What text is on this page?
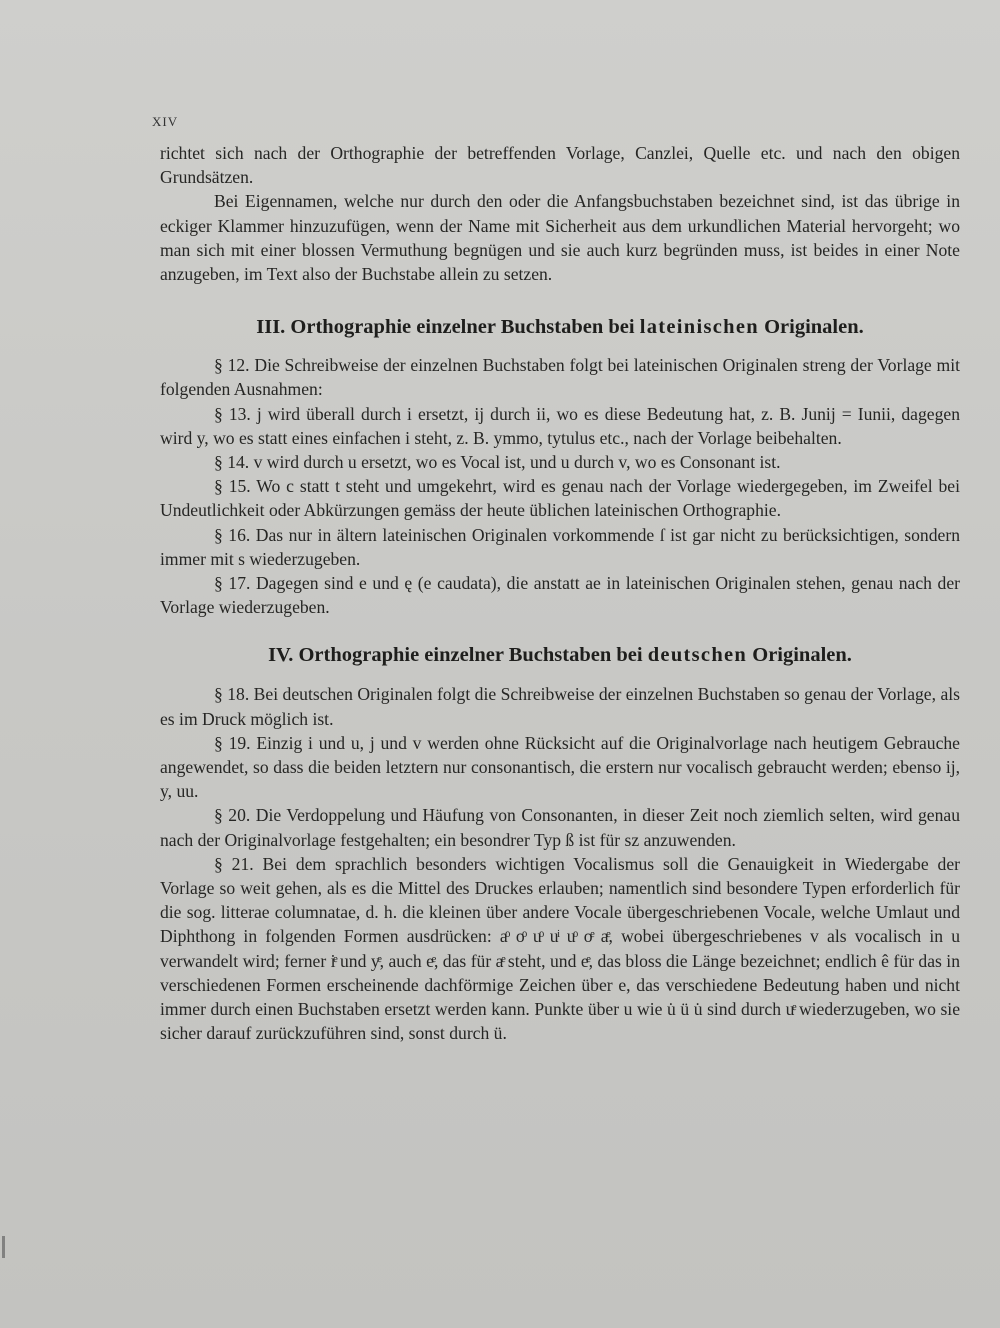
XIV

richtet sich nach der Orthographie der betreffenden Vorlage, Canzlei, Quelle etc. und nach den obigen Grundsätzen.

Bei Eigennamen, welche nur durch den oder die Anfangsbuchstaben bezeichnet sind, ist das übrige in eckiger Klammer hinzuzufügen, wenn der Name mit Sicherheit aus dem urkundlichen Material hervorgeht; wo man sich mit einer blossen Vermuthung begnügen und sie auch kurz begründen muss, ist beides in einer Note anzugeben, im Text also der Buchstabe allein zu setzen.

III. Orthographie einzelner Buchstaben bei lateinischen Originalen.

§ 12. Die Schreibweise der einzelnen Buchstaben folgt bei lateinischen Originalen streng der Vorlage mit folgenden Ausnahmen:

§ 13. j wird überall durch i ersetzt, ij durch ii, wo es diese Bedeutung hat, z. B. Junij = Iunii, dagegen wird y, wo es statt eines einfachen i steht, z. B. ymmo, tytulus etc., nach der Vorlage beibehalten.

§ 14. v wird durch u ersetzt, wo es Vocal ist, und u durch v, wo es Consonant ist.

§ 15. Wo c statt t steht und umgekehrt, wird es genau nach der Vorlage wiedergegeben, im Zweifel bei Undeutlichkeit oder Abkürzungen gemäss der heute üblichen lateinischen Orthographie.

§ 16. Das nur in ältern lateinischen Originalen vorkommende ſ ist gar nicht zu berücksichtigen, sondern immer mit s wiederzugeben.

§ 17. Dagegen sind e und ę (e caudata), die anstatt ae in lateinischen Originalen stehen, genau nach der Vorlage wiederzugeben.

IV. Orthographie einzelner Buchstaben bei deutschen Originalen.

§ 18. Bei deutschen Originalen folgt die Schreibweise der einzelnen Buchstaben so genau der Vorlage, als es im Druck möglich ist.

§ 19. Einzig i und u, j und v werden ohne Rücksicht auf die Originalvorlage nach heutigem Gebrauche angewendet, so dass die beiden letztern nur consonantisch, die erstern nur vocalisch gebraucht werden; ebenso ij, y, uu.

§ 20. Die Verdoppelung und Häufung von Consonanten, in dieser Zeit noch ziemlich selten, wird genau nach der Originalvorlage festgehalten; ein besondrer Typ ß ist für sz anzuwenden.

§ 21. Bei dem sprachlich besonders wichtigen Vocalismus soll die Genauigkeit in Wiedergabe der Vorlage so weit gehen, als es die Mittel des Druckes erlauben; namentlich sind besondere Typen erforderlich für die sog. litterae columnatae, d. h. die kleinen über andere Vocale übergeschriebenen Vocale, welche Umlaut und Diphthong in folgenden Formen ausdrücken: aͦ oͦ uͦ uͥ uͦ oͤ aͤ, wobei übergeschriebenes v als vocalisch in u verwandelt wird; ferner iͤ und yͤ, auch eͤ, das für aͤ steht, und eͤ, das bloss die Länge bezeichnet; endlich ê für das in verschiedenen Formen erscheinende dachförmige Zeichen über e, das verschiedene Bedeutung haben und nicht immer durch einen Buchstaben ersetzt werden kann. Punkte über u wie u̇ ü u̇ sind durch uͤ wiederzugeben, wo sie sicher darauf zurückzuführen sind, sonst durch ü.
